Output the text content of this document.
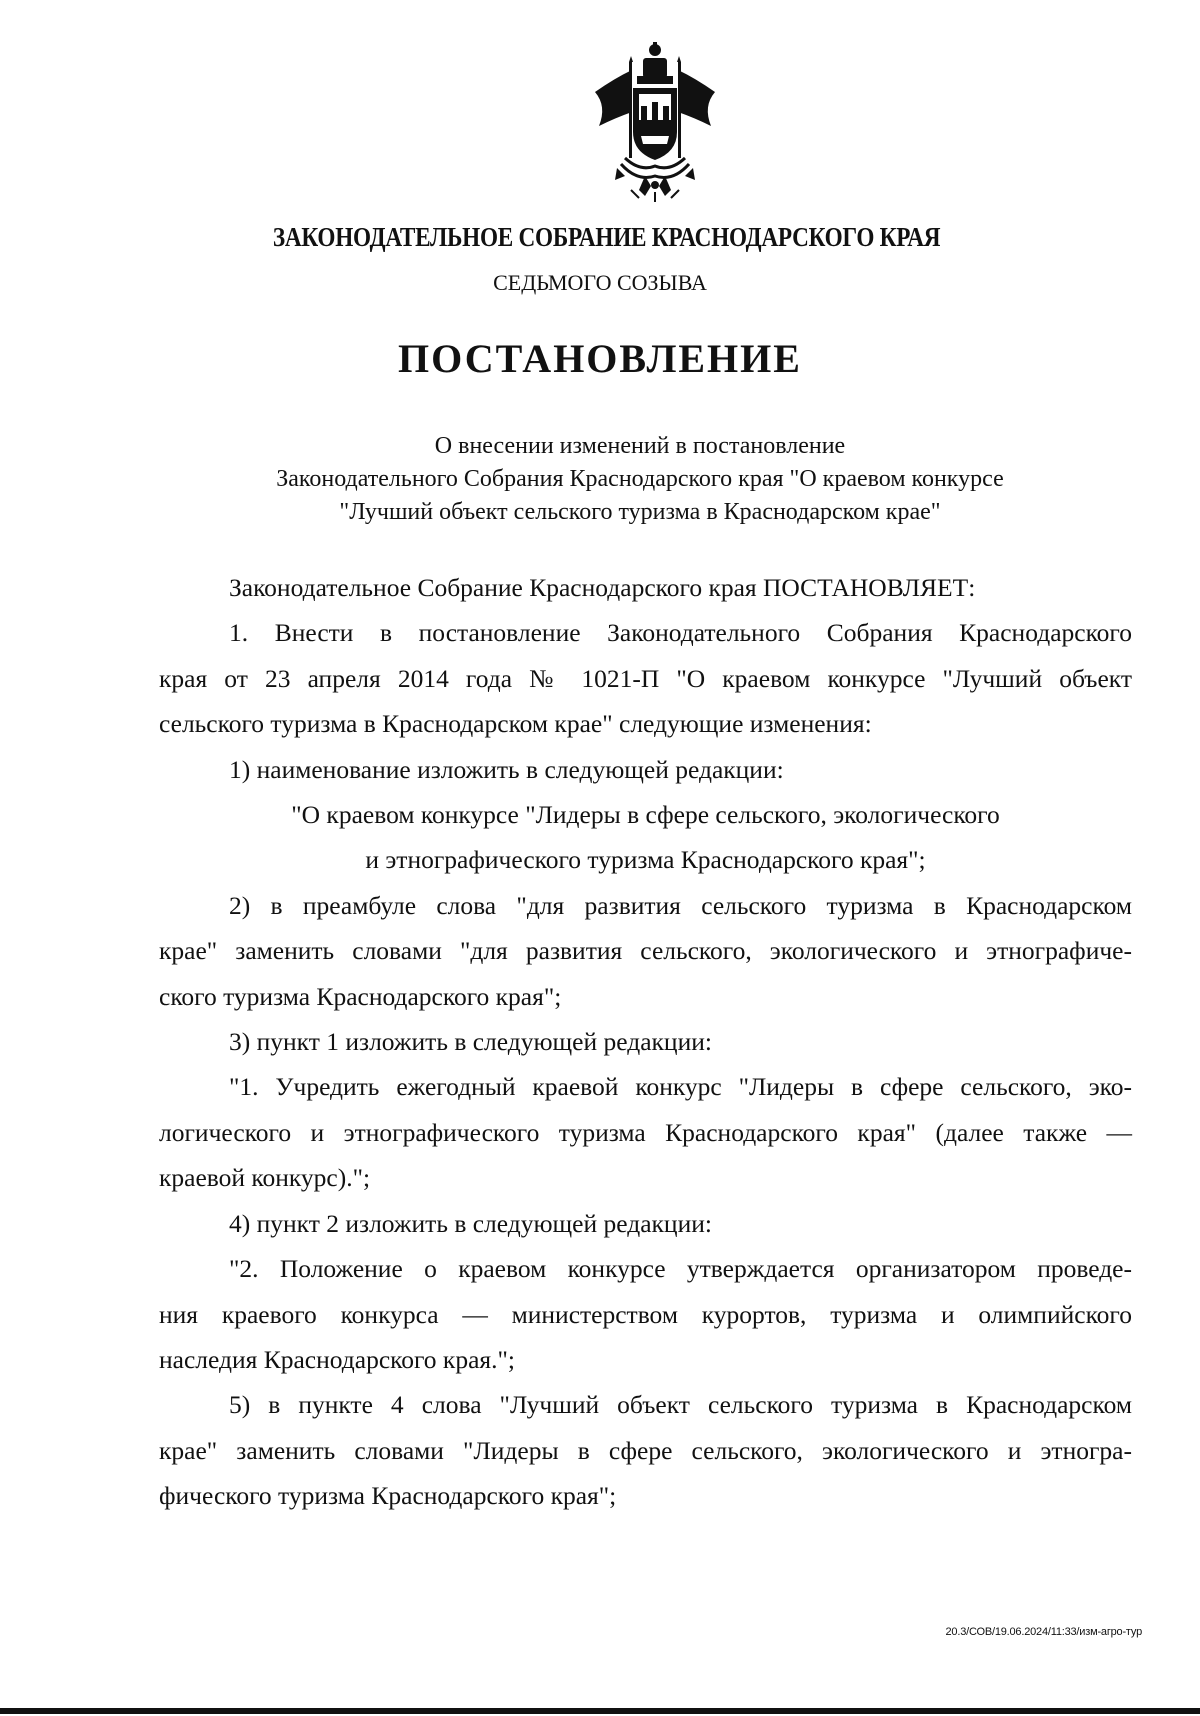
ЗАКОНОДАТЕЛЬНОЕ СОБРАНИЕ КРАСНОДАРСКОГО КРАЯ
СЕДЬМОГО СОЗЫВА
ПОСТАНОВЛЕНИЕ
О внесении изменений в постановление
Законодательного Собрания Краснодарского края "О краевом конкурсе
"Лучший объект сельского туризма в Краснодарском крае"

Законодательное Собрание Краснодарского края ПОСТАНОВЛЯЕТ:

1. Внести в постановление Законодательного Собрания Краснодарского

края от 23 апреля 2014 года № 1021-П "О краевом конкурсе "Лучший объект

сельского туризма в Краснодарском крае" следующие изменения:

1) наименование изложить в следующей редакции:

"О краевом конкурсе "Лидеры в сфере сельского, экологического

и этнографического туризма Краснодарского края";

2) в преамбуле слова "для развития сельского туризма в Краснодарском

крае" заменить словами "для развития сельского, экологического и этнографиче-

ского туризма Краснодарского края";

3) пункт 1 изложить в следующей редакции:

"1. Учредить ежегодный краевой конкурс "Лидеры в сфере сельского, эко-

логического и этнографического туризма Краснодарского края" (далее также —

краевой конкурс).";

4) пункт 2 изложить в следующей редакции:

"2. Положение о краевом конкурсе утверждается организатором проведе-

ния краевого конкурса — министерством курортов, туризма и олимпийского

наследия Краснодарского края.";

5) в пункте 4 слова "Лучший объект сельского туризма в Краснодарском

крае" заменить словами "Лидеры в сфере сельского, экологического и этногра-

фического туризма Краснодарского края";

20.3/СОВ/19.06.2024/11:33/изм-агро-тур
